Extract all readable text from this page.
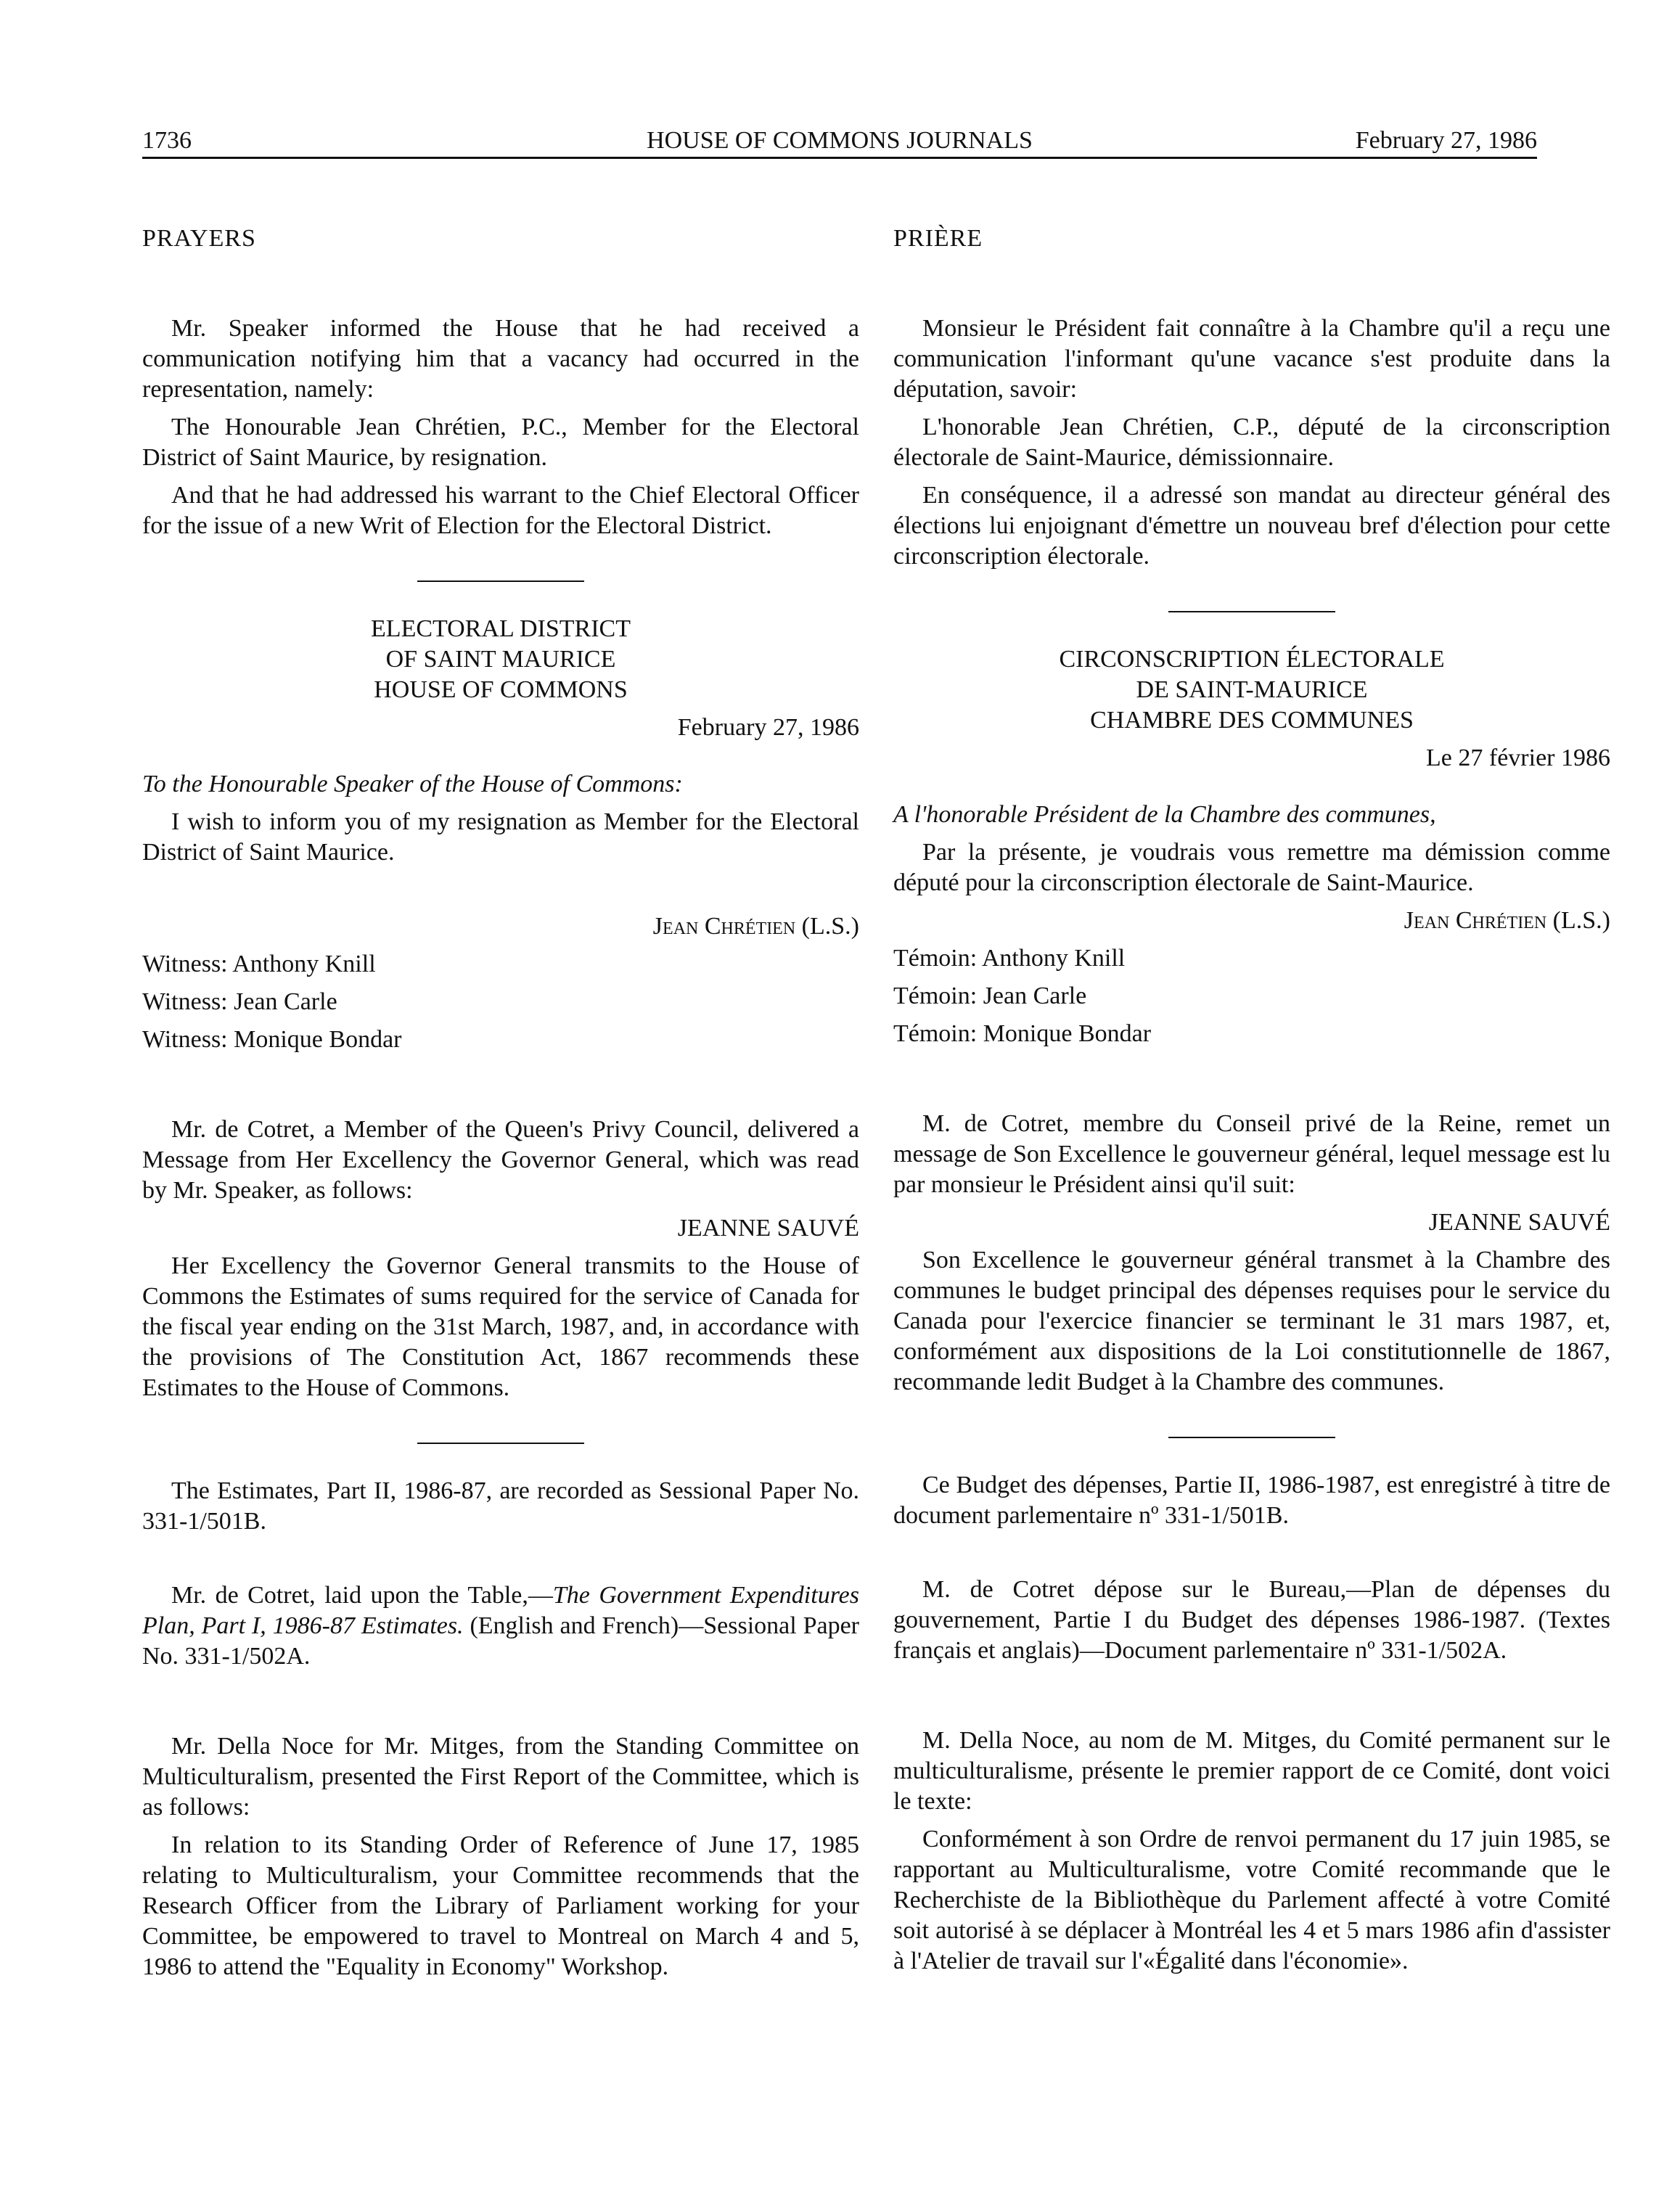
1736	HOUSE OF COMMONS JOURNALS	February 27, 1986
PRAYERS

Mr. Speaker informed the House that he had received a communication notifying him that a vacancy had occurred in the representation, namely:

The Honourable Jean Chrétien, P.C., Member for the Electoral District of Saint Maurice, by resignation.

And that he had addressed his warrant to the Chief Electoral Officer for the issue of a new Writ of Election for the Electoral District.

ELECTORAL DISTRICT

OF SAINT MAURICE

HOUSE OF COMMONS

February 27, 1986

To the Honourable Speaker of the House of Commons:

I wish to inform you of my resignation as Member for the Electoral District of Saint Maurice.

Jean Chrétien (L.S.)

Witness: Anthony Knill

Witness: Jean Carle

Witness: Monique Bondar

Mr. de Cotret, a Member of the Queen's Privy Council, delivered a Message from Her Excellency the Governor General, which was read by Mr. Speaker, as follows:

JEANNE SAUVÉ

Her Excellency the Governor General transmits to the House of Commons the Estimates of sums required for the service of Canada for the fiscal year ending on the 31st March, 1987, and, in accordance with the provisions of The Constitution Act, 1867 recommends these Estimates to the House of Commons.

The Estimates, Part II, 1986-87, are recorded as Sessional Paper No. 331-1/501B.

Mr. de Cotret, laid upon the Table,—The Government Expenditures Plan, Part I, 1986-87 Estimates. (English and French)—Sessional Paper No. 331-1/502A.

Mr. Della Noce for Mr. Mitges, from the Standing Committee on Multiculturalism, presented the First Report of the Committee, which is as follows:

In relation to its Standing Order of Reference of June 17, 1985 relating to Multiculturalism, your Committee recommends that the Research Officer from the Library of Parliament working for your Committee, be empowered to travel to Montreal on March 4 and 5, 1986 to attend the "Equality in Economy" Workshop.

PRIÈRE

Monsieur le Président fait connaître à la Chambre qu'il a reçu une communication l'informant qu'une vacance s'est produite dans la députation, savoir:

L'honorable Jean Chrétien, C.P., député de la circonscription électorale de Saint-Maurice, démissionnaire.

En conséquence, il a adressé son mandat au directeur général des élections lui enjoignant d'émettre un nouveau bref d'élection pour cette circonscription électorale.

CIRCONSCRIPTION ÉLECTORALE

DE SAINT-MAURICE

CHAMBRE DES COMMUNES

Le 27 février 1986

A l'honorable Président de la Chambre des communes,

Par la présente, je voudrais vous remettre ma démission comme député pour la circonscription électorale de Saint-Maurice.

Jean Chrétien (L.S.)

Témoin: Anthony Knill

Témoin: Jean Carle

Témoin: Monique Bondar

M. de Cotret, membre du Conseil privé de la Reine, remet un message de Son Excellence le gouverneur général, lequel message est lu par monsieur le Président ainsi qu'il suit:

JEANNE SAUVÉ

Son Excellence le gouverneur général transmet à la Chambre des communes le budget principal des dépenses requises pour le service du Canada pour l'exercice financier se terminant le 31 mars 1987, et, conformément aux dispositions de la Loi constitutionnelle de 1867, recommande ledit Budget à la Chambre des communes.

Ce Budget des dépenses, Partie II, 1986-1987, est enregistré à titre de document parlementaire nº 331-1/501B.

M. de Cotret dépose sur le Bureau,—Plan de dépenses du gouvernement, Partie I du Budget des dépenses 1986-1987. (Textes français et anglais)—Document parlementaire nº 331-1/502A.

M. Della Noce, au nom de M. Mitges, du Comité permanent sur le multiculturalisme, présente le premier rapport de ce Comité, dont voici le texte:

Conformément à son Ordre de renvoi permanent du 17 juin 1985, se rapportant au Multiculturalisme, votre Comité recommande que le Recherchiste de la Bibliothèque du Parlement affecté à votre Comité soit autorisé à se déplacer à Montréal les 4 et 5 mars 1986 afin d'assister à l'Atelier de travail sur l'«Égalité dans l'économie».
